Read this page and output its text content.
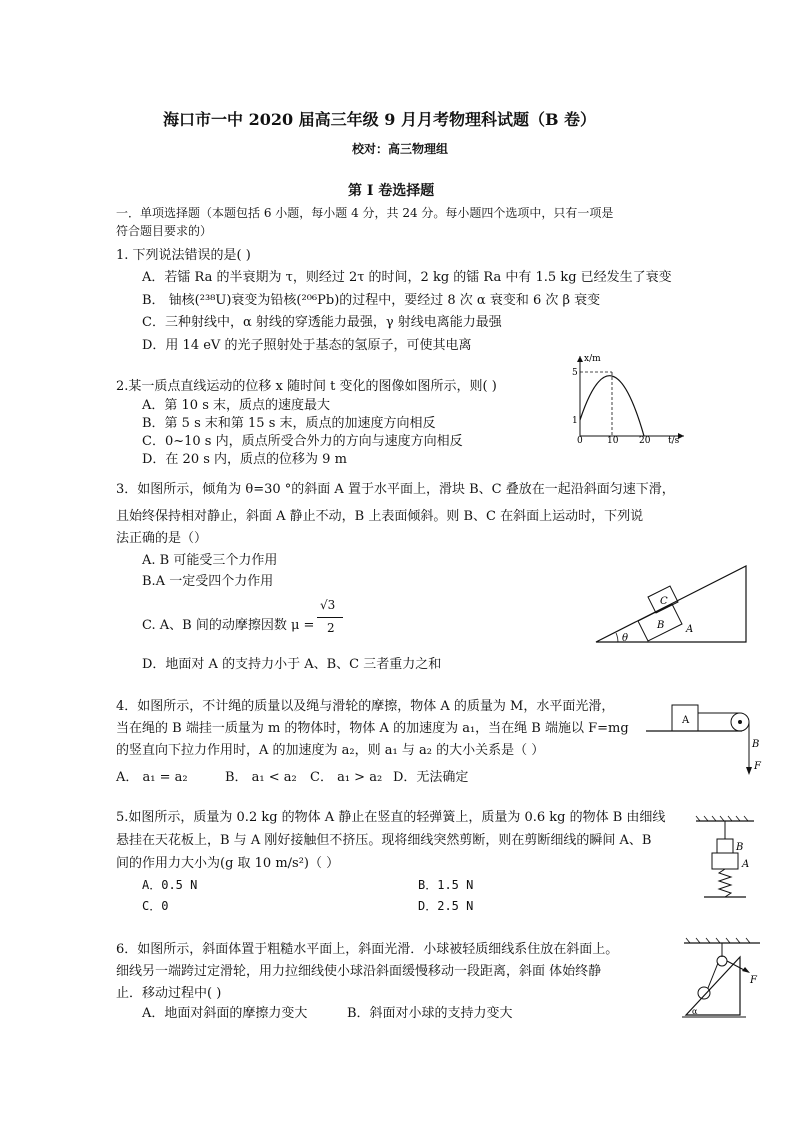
海口市一中 2020 届高三年级 9 月月考物理科试题（B 卷）
校对：高三物理组
第 I 卷选择题
一．单项选择题（本题包括 6 小题，每小题 4 分，共 24 分。每小题四个选项中，只有一项是
符合题目要求的）
1. 下列说法错误的是( )
A．若镭 Ra 的半衰期为 τ，则经过 2τ 的时间，2 kg 的镭 Ra 中有 1.5 kg 已经发生了衰变
B． 铀核(²³⁸U)衰变为铅核(²⁰⁶Pb)的过程中，要经过 8 次 α 衰变和 6 次 β 衰变
C．三种射线中，α 射线的穿透能力最强，γ 射线电离能力最强
D．用 14 eV 的光子照射处于基态的氢原子，可使其电离
2.某一质点直线运动的位移 x 随时间 t 变化的图像如图所示，则( )
A．第 10 s 末，质点的速度最大
B．第 5 s 末和第 15 s 末，质点的加速度方向相反
C．0~10 s 内，质点所受合外力的方向与速度方向相反
D．在 20 s 内，质点的位移为 9 m
x/m
5
1
0	10 20 t/s
3．如图所示，倾角为 θ=30 °的斜面 A 置于水平面上，滑块 B、C 叠放在一起沿斜面匀速下滑，
且始终保持相对静止，斜面 A 静止不动，B 上表面倾斜。则 B、C 在斜面上运动时，下列说
法正确的是（）
A. B 可能受三个力作用
B.A 一定受四个力作用
C. A、B 间的动摩擦因数 μ =
√3
2
D．地面对 A 的支持力小于 A、B、C 三者重力之和
θ
B
C
A
4．如图所示，不计绳的质量以及绳与滑轮的摩擦，物体 A 的质量为 M，水平面光滑，
当在绳的 B 端挂一质量为 m 的物体时，物体 A 的加速度为 a₁，当在绳 B 端施以 F=mg
的竖直向下拉力作用时，A 的加速度为 a₂，则 a₁ 与 a₂ 的大小关系是（ ）
A． a₁ = a₂	B． a₁ < a₂ C． a₁ > a₂ D．无法确定
A
B
F
5.如图所示，质量为 0.2 kg 的物体 A 静止在竖直的轻弹簧上，质量为 0.6 kg 的物体 B 由细线
悬挂在天花板上，B 与 A 刚好接触但不挤压。现将细线突然剪断，则在剪断细线的瞬间 A、B
间的作用力大小为(g 取 10 m/s²)（ ）
A．0.5 N	B．1.5 N
C．0	D．2.5 N
B
A
6．如图所示，斜面体置于粗糙水平面上，斜面光滑．小球被轻质细线系住放在斜面上。
细线另一端跨过定滑轮，用力拉细线使小球沿斜面缓慢移动一段距离，斜面 体始终静
止．移动过程中( )
A．地面对斜面的摩擦力变大	B．斜面对小球的支持力变大
F
α
